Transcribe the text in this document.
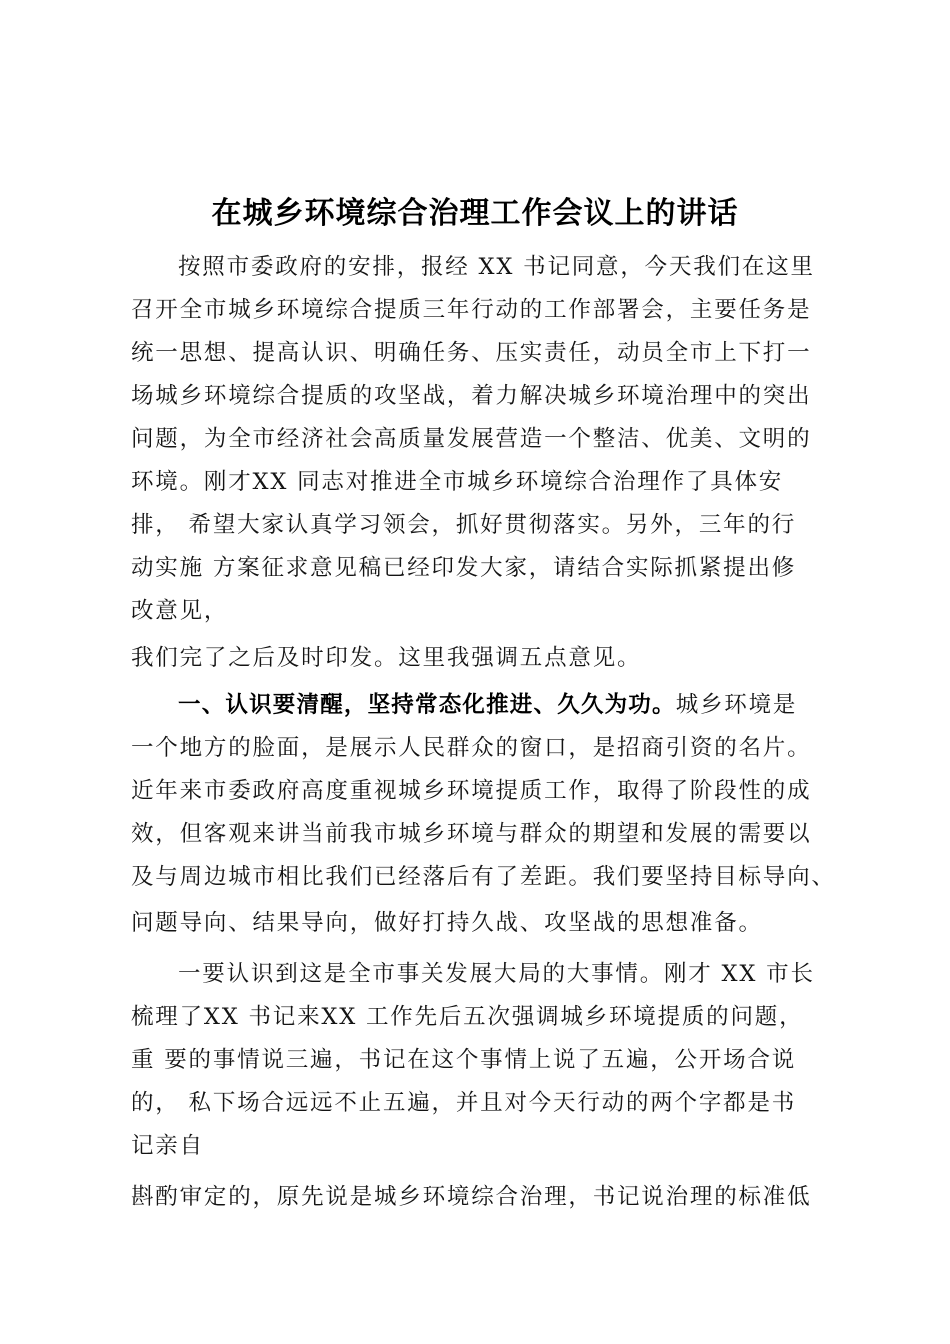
在城乡环境综合治理工作会议上的讲话
按照市委政府的安排，报经 XX 书记同意，今天我们在这里
召开全市城乡环境综合提质三年行动的工作部署会，主要任务是
统一思想、提高认识、明确任务、压实责任，动员全市上下打一
场城乡环境综合提质的攻坚战，着力解决城乡环境治理中的突出
问题，为全市经济社会高质量发展营造一个整洁、优美、文明的
环境。刚才XX 同志对推进全市城乡环境综合治理作了具体安
排， 希望大家认真学习领会，抓好贯彻落实。另外，三年的行
动实施 方案征求意见稿已经印发大家，请结合实际抓紧提出修
改意见，
我们完了之后及时印发。这里我强调五点意见。
一、认识要清醒，坚持常态化推进、久久为功。城乡环境是
一个地方的脸面，是展示人民群众的窗口，是招商引资的名片。
近年来市委政府高度重视城乡环境提质工作，取得了阶段性的成
效，但客观来讲当前我市城乡环境与群众的期望和发展的需要以
及与周边城市相比我们已经落后有了差距。我们要坚持目标导向、
问题导向、结果导向，做好打持久战、攻坚战的思想准备。
一要认识到这是全市事关发展大局的大事情。刚才 XX 市长
梳理了XX 书记来XX 工作先后五次强调城乡环境提质的问题，
重 要的事情说三遍，书记在这个事情上说了五遍，公开场合说
的， 私下场合远远不止五遍，并且对今天行动的两个字都是书
记亲自
斟酌审定的，原先说是城乡环境综合治理，书记说治理的标准低
